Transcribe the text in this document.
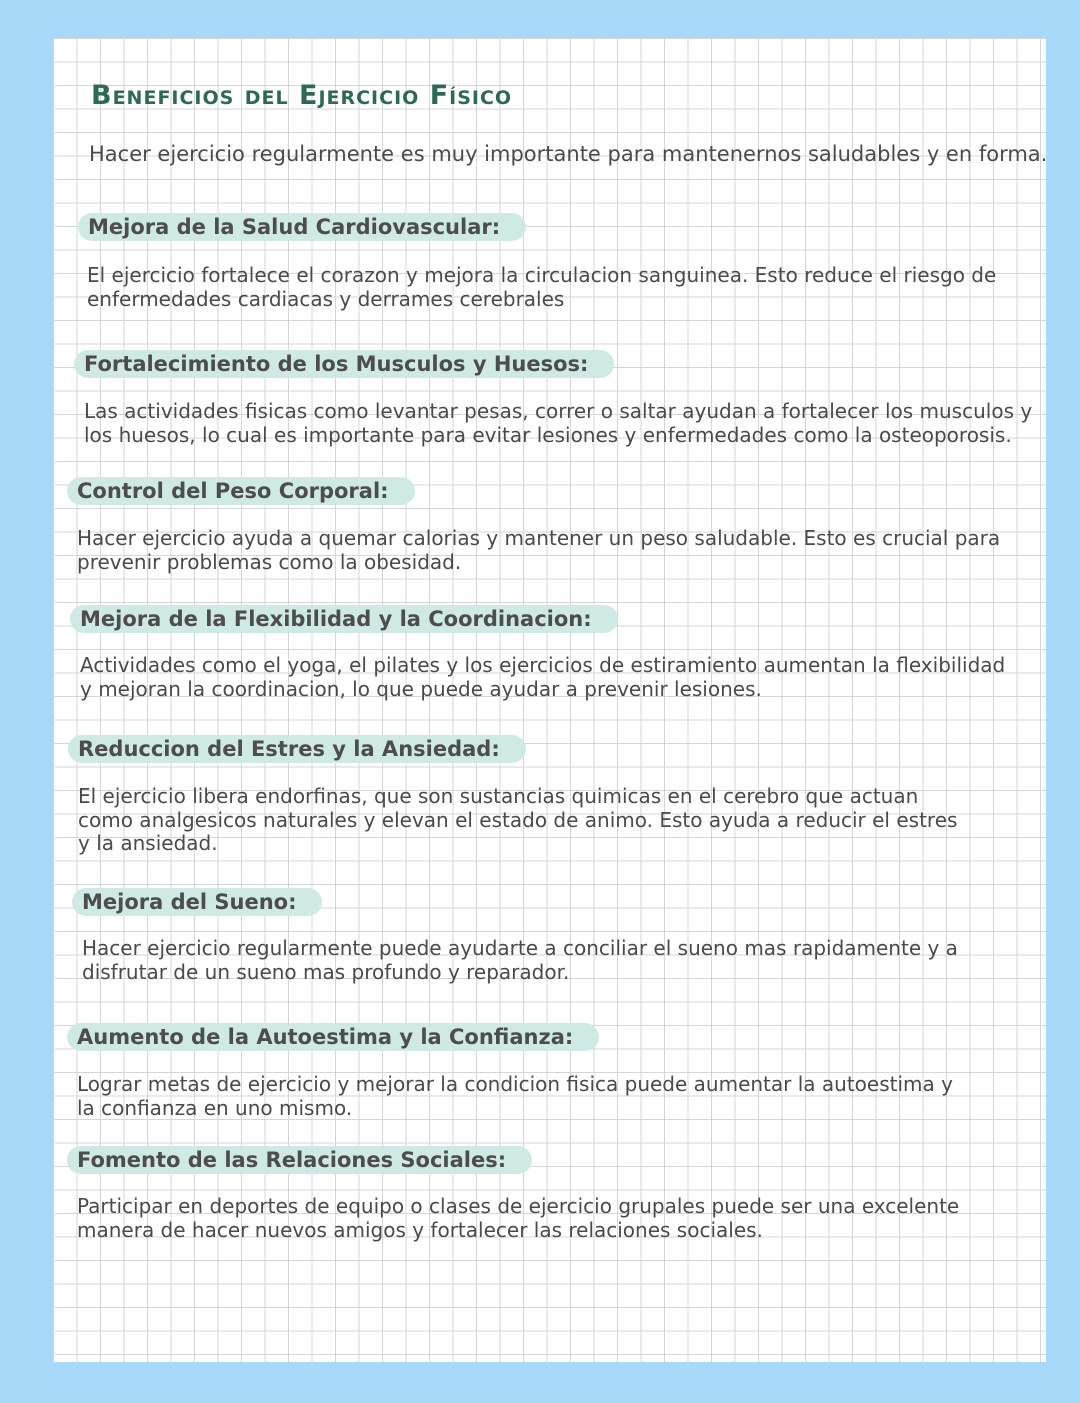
Beneficios del Ejercicio Físico

Hacer ejercicio regularmente es muy importante para mantenernos saludables y en forma.

Mejora de la Salud Cardiovascular:

El ejercicio fortalece el corazon y mejora la circulacion sanguinea. Esto reduce el riesgo de
enfermedades cardiacas y derrames cerebrales

Fortalecimiento de los Musculos y Huesos:

Las actividades fisicas como levantar pesas, correr o saltar ayudan a fortalecer los musculos y
los huesos, lo cual es importante para evitar lesiones y enfermedades como la osteoporosis.

Control del Peso Corporal:

Hacer ejercicio ayuda a quemar calorias y mantener un peso saludable. Esto es crucial para
prevenir problemas como la obesidad.

Mejora de la Flexibilidad y la Coordinacion:

Actividades como el yoga, el pilates y los ejercicios de estiramiento aumentan la flexibilidad
y mejoran la coordinacion, lo que puede ayudar a prevenir lesiones.

Reduccion del Estres y la Ansiedad:

El ejercicio libera endorfinas, que son sustancias quimicas en el cerebro que actuan
como analgesicos naturales y elevan el estado de animo. Esto ayuda a reducir el estres
y la ansiedad.

Mejora del Sueno:

Hacer ejercicio regularmente puede ayudarte a conciliar el sueno mas rapidamente y a
disfrutar de un sueno mas profundo y reparador.

Aumento de la Autoestima y la Confianza:

Lograr metas de ejercicio y mejorar la condicion fisica puede aumentar la autoestima y
la confianza en uno mismo.

Fomento de las Relaciones Sociales:

Participar en deportes de equipo o clases de ejercicio grupales puede ser una excelente
manera de hacer nuevos amigos y fortalecer las relaciones sociales.
